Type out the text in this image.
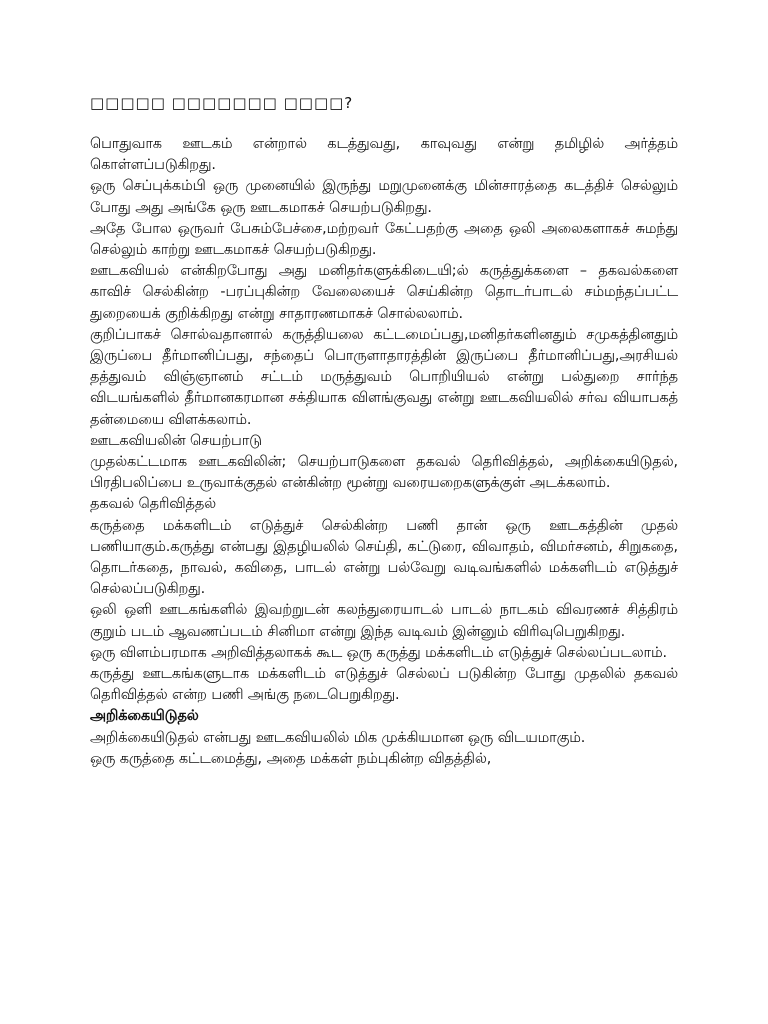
□□□□□ □□□□□□□ □□□□?

பொதுவாக ஊடகம் என்றால் கடத்துவது, காவுவது என்று தமிழில் அர்த்தம் கொள்ளப்படுகிறது.

ஒரு செப்புக்கம்பி ஒரு முனையில் இருந்து மறுமுனைக்கு மின்சாரத்தை கடத்திச் செல்லும் போது அது அங்கே ஒரு ஊடகமாகச் செயற்படுகிறது.

அதே போல ஒருவர் பேசும்பேச்சை,மற்றவர் கேட்பதற்கு அதை ஒலி அலைகளாகச் சுமந்து செல்லும் காற்று ஊடகமாகச் செயற்படுகிறது.

ஊடகவியல் என்கிறபோது அது மனிதர்களுக்கிடையி;ல் கருத்துக்களை – தகவல்களை காவிச் செல்கின்ற -பரப்புகின்ற வேலையைச் செய்கின்ற தொடர்பாடல் சம்மந்தப்பட்ட துறையைக் குறிக்கிறது என்று சாதாரணமாகச் சொல்லலாம்.

குறிப்பாகச் சொல்வதானால் கருத்தியலை கட்டமைப்பது,மனிதர்களினதும் சமுகத்தினதும் இருப்பை தீர்மானிப்பது, சந்தைப் பொருளாதாரத்தின் இருப்பை தீர்மானிப்பது,அரசியல் தத்துவம் விஞ்ஞானம் சட்டம் மருத்துவம் பொறியியல் என்று பல்துறை சார்ந்த விடயங்களில் தீர்மானகரமான சக்தியாக விளங்குவது என்று ஊடகவியலில் சர்வ வியாபகத் தன்மையை விளக்கலாம்.

ஊடகவியலின் செயற்பாடு

முதல்கட்டமாக ஊடகவிலின்; செயற்பாடுகளை தகவல் தெரிவித்தல், அறிக்கையிடுதல், பிரதிபலிப்பை உருவாக்குதல் என்கின்ற மூன்று வரையறைகளுக்குள் அடக்கலாம்.

தகவல் தெரிவித்தல்

கருத்தை மக்களிடம் எடுத்துச் செல்கின்ற பணி தான் ஒரு ஊடகத்தின் முதல் பணியாகும்.கருத்து என்பது இதழியலில் செய்தி, கட்டுரை, விவாதம், விமர்சனம், சிறுகதை, தொடர்கதை, நாவல், கவிதை, பாடல் என்று பல்வேறு வடிவங்களில் மக்களிடம் எடுத்துச் செல்லப்படுகிறது.

ஒலி ஒளி ஊடகங்களில் இவற்றுடன் கலந்துரையாடல் பாடல் நாடகம் விவரணச் சித்திரம் குறும் படம் ஆவணப்படம் சினிமா என்று இந்த வடிவம் இன்னும் விரிவுபெறுகிறது.

ஒரு விளம்பரமாக அறிவித்தலாகக் கூட ஒரு கருத்து மக்களிடம் எடுத்துச் செல்லப்படலாம்.

கருத்து ஊடகங்களுடாக மக்களிடம் எடுத்துச் செல்லப் படுகின்ற போது முதலில் தகவல் தெரிவித்தல் என்ற பணி அங்கு நடைபெறுகிறது.

அறிக்கையிடுதல்

அறிக்கையிடுதல் என்பது ஊடகவியலில் மிக முக்கியமான ஒரு விடயமாகும்.

ஒரு கருத்தை கட்டமைத்து, அதை மக்கள் நம்புகின்ற விதத்தில்,
